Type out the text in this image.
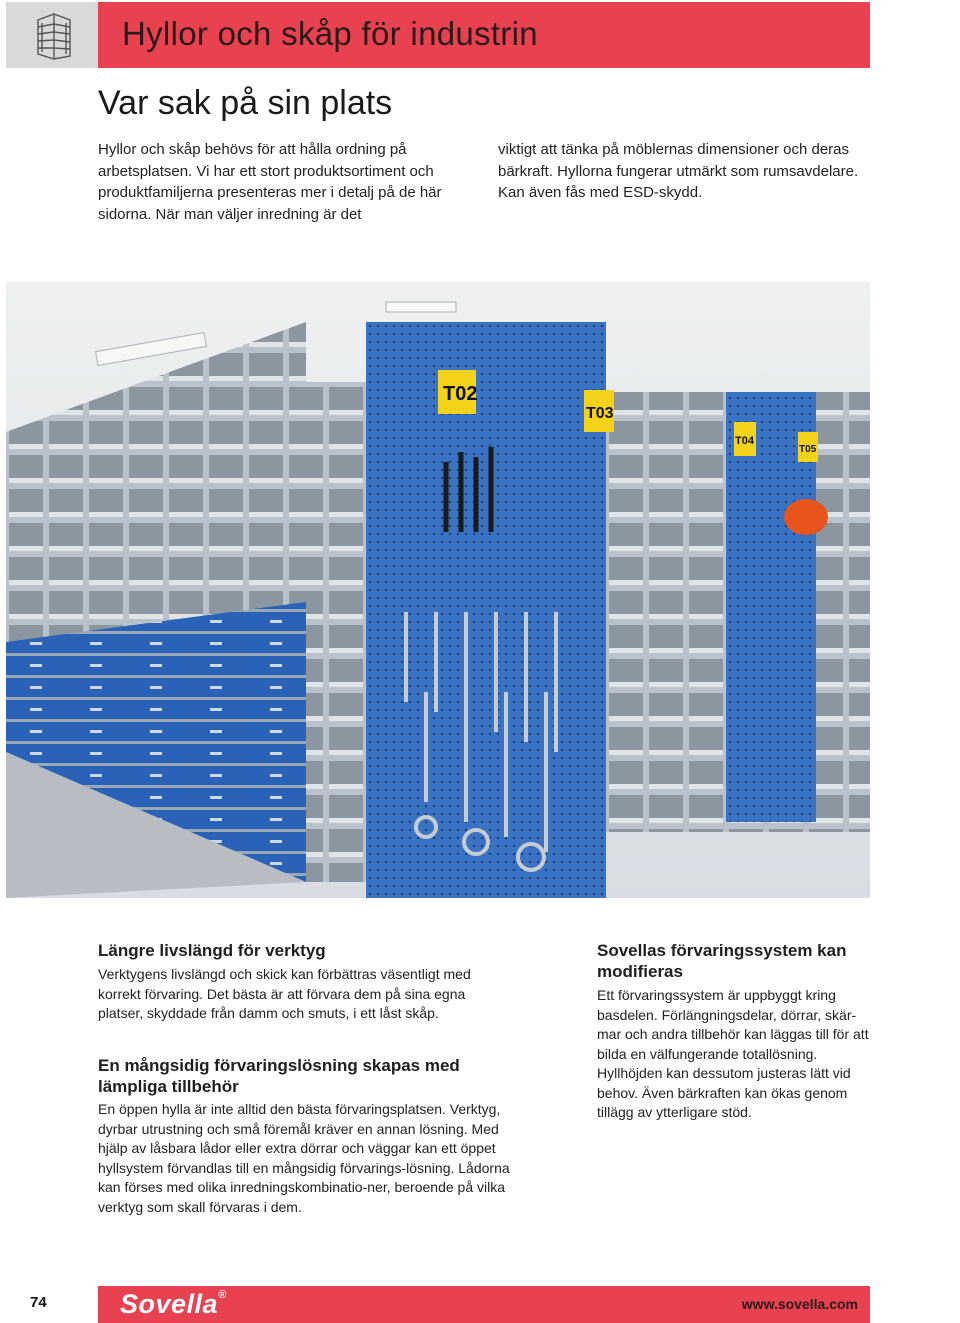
Hyllor och skåp för industrin
Var sak på sin plats

Hyllor och skåp behövs för att hålla ordning på arbetsplatsen. Vi har ett stort produktsortiment och produktfamiljerna presenteras mer i detalj på de här sidorna. När man väljer inredning är det

viktigt att tänka på möblernas dimensioner och deras bärkraft. Hyllorna fungerar utmärkt som rumsavdelare. Kan även fås med ESD-skydd.

T02
T03
T04
T05
Längre livslängd för verktyg

Verktygens livslängd och skick kan förbättras väsentligt med korrekt förvaring. Det bästa är att förvara dem på sina egna platser, skyddade från damm och smuts, i ett låst skåp.

En mångsidig förvaringslösning skapas med lämpliga tillbehör

En öppen hylla är inte alltid den bästa förvaringsplatsen. Verktyg, dyrbar utrustning och små föremål kräver en annan lösning. Med hjälp av låsbara lådor eller extra dörrar och väggar kan ett öppet hyllsystem förvandlas till en mångsidig förvarings-lösning. Lådorna kan förses med olika inredningskombinatio-ner, beroende på vilka verktyg som skall förvaras i dem.

Sovellas förvaringssystem kan modifieras

Ett förvaringssystem är uppbyggt kring basdelen. Förlängningsdelar, dörrar, skär-mar och andra tillbehör kan läggas till för att bilda en välfungerande totallösning. Hyllhöjden kan dessutom justeras lätt vid behov. Även bärkraften kan ökas genom tillägg av ytterligare stöd.

74	Sovella®
www.sovella.com
